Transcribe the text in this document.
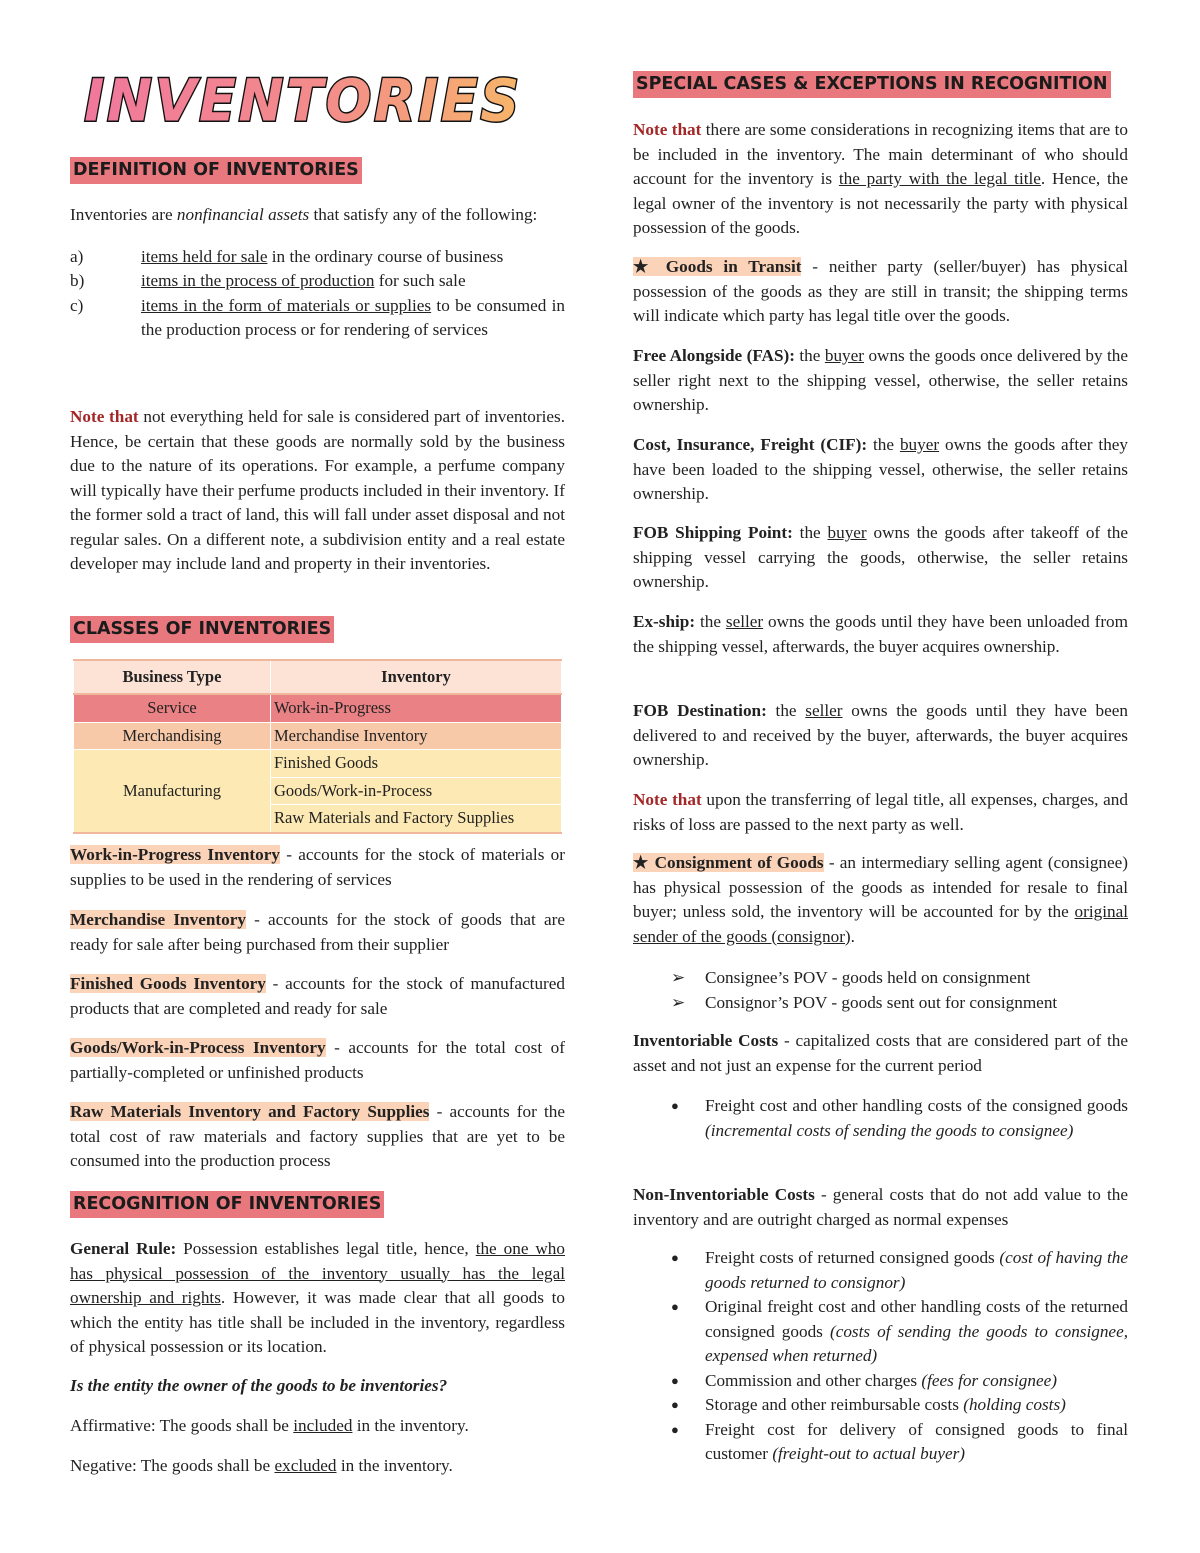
INVENTORIES
DEFINITION OF INVENTORIES

Inventories are nonfinancial assets that satisfy any of the following:

a)	items held for sale in the ordinary course of business
b)	items in the process of production for such sale
c)	items in the form of materials or supplies to be consumed in the production process or for rendering of services

Note that not everything held for sale is considered part of inventories. Hence, be certain that these goods are normally sold by the business due to the nature of its operations. For example, a perfume company will typically have their perfume products included in their inventory. If the former sold a tract of land, this will fall under asset disposal and not regular sales. On a different note, a subdivision entity and a real estate developer may include land and property in their inventories.

CLASSES OF INVENTORIES
Business Type	Inventory
Service	Work-in-Progress
Merchandising	Merchandise Inventory
Manufacturing	Finished Goods
	Goods/Work-in-Process
	Raw Materials and Factory Supplies

Work-in-Progress Inventory - accounts for the stock of materials or supplies to be used in the rendering of services

Merchandise Inventory - accounts for the stock of goods that are ready for sale after being purchased from their supplier

Finished Goods Inventory - accounts for the stock of manufactured products that are completed and ready for sale

Goods/Work-in-Process Inventory - accounts for the total cost of partially-completed or unfinished products

Raw Materials Inventory and Factory Supplies - accounts for the total cost of raw materials and factory supplies that are yet to be consumed into the production process

RECOGNITION OF INVENTORIES

General Rule: Possession establishes legal title, hence, the one who has physical possession of the inventory usually has the legal ownership and rights. However, it was made clear that all goods to which the entity has title shall be included in the inventory, regardless of physical possession or its location.

Is the entity the owner of the goods to be inventories?

Affirmative: The goods shall be included in the inventory.

Negative: The goods shall be excluded in the inventory.

SPECIAL CASES & EXCEPTIONS IN RECOGNITION

Note that there are some considerations in recognizing items that are to be included in the inventory. The main determinant of who should account for the inventory is the party with the legal title. Hence, the legal owner of the inventory is not necessarily the party with physical possession of the goods.

★ Goods in Transit - neither party (seller/buyer) has physical possession of the goods as they are still in transit; the shipping terms will indicate which party has legal title over the goods.

Free Alongside (FAS): the buyer owns the goods once delivered by the seller right next to the shipping vessel, otherwise, the seller retains ownership.

Cost, Insurance, Freight (CIF): the buyer owns the goods after they have been loaded to the shipping vessel, otherwise, the seller retains ownership.

FOB Shipping Point: the buyer owns the goods after takeoff of the shipping vessel carrying the goods, otherwise, the seller retains ownership.

Ex-ship: the seller owns the goods until they have been unloaded from the shipping vessel, afterwards, the buyer acquires ownership.

FOB Destination: the seller owns the goods until they have been delivered to and received by the buyer, afterwards, the buyer acquires ownership.

Note that upon the transferring of legal title, all expenses, charges, and risks of loss are passed to the next party as well.

★ Consignment of Goods - an intermediary selling agent (consignee) has physical possession of the goods as intended for resale to final buyer; unless sold, the inventory will be accounted for by the original sender of the goods (consignor).

➢ Consignee’s POV - goods held on consignment
➢ Consignor’s POV - goods sent out for consignment

Inventoriable Costs - capitalized costs that are considered part of the asset and not just an expense for the current period

● Freight cost and other handling costs of the consigned goods (incremental costs of sending the goods to consignee)

Non-Inventoriable Costs - general costs that do not add value to the inventory and are outright charged as normal expenses

● Freight costs of returned consigned goods (cost of having the goods returned to consignor)
● Original freight cost and other handling costs of the returned consigned goods (costs of sending the goods to consignee, expensed when returned)
● Commission and other charges (fees for consignee)
● Storage and other reimbursable costs (holding costs)
● Freight cost for delivery of consigned goods to final customer (freight-out to actual buyer)
